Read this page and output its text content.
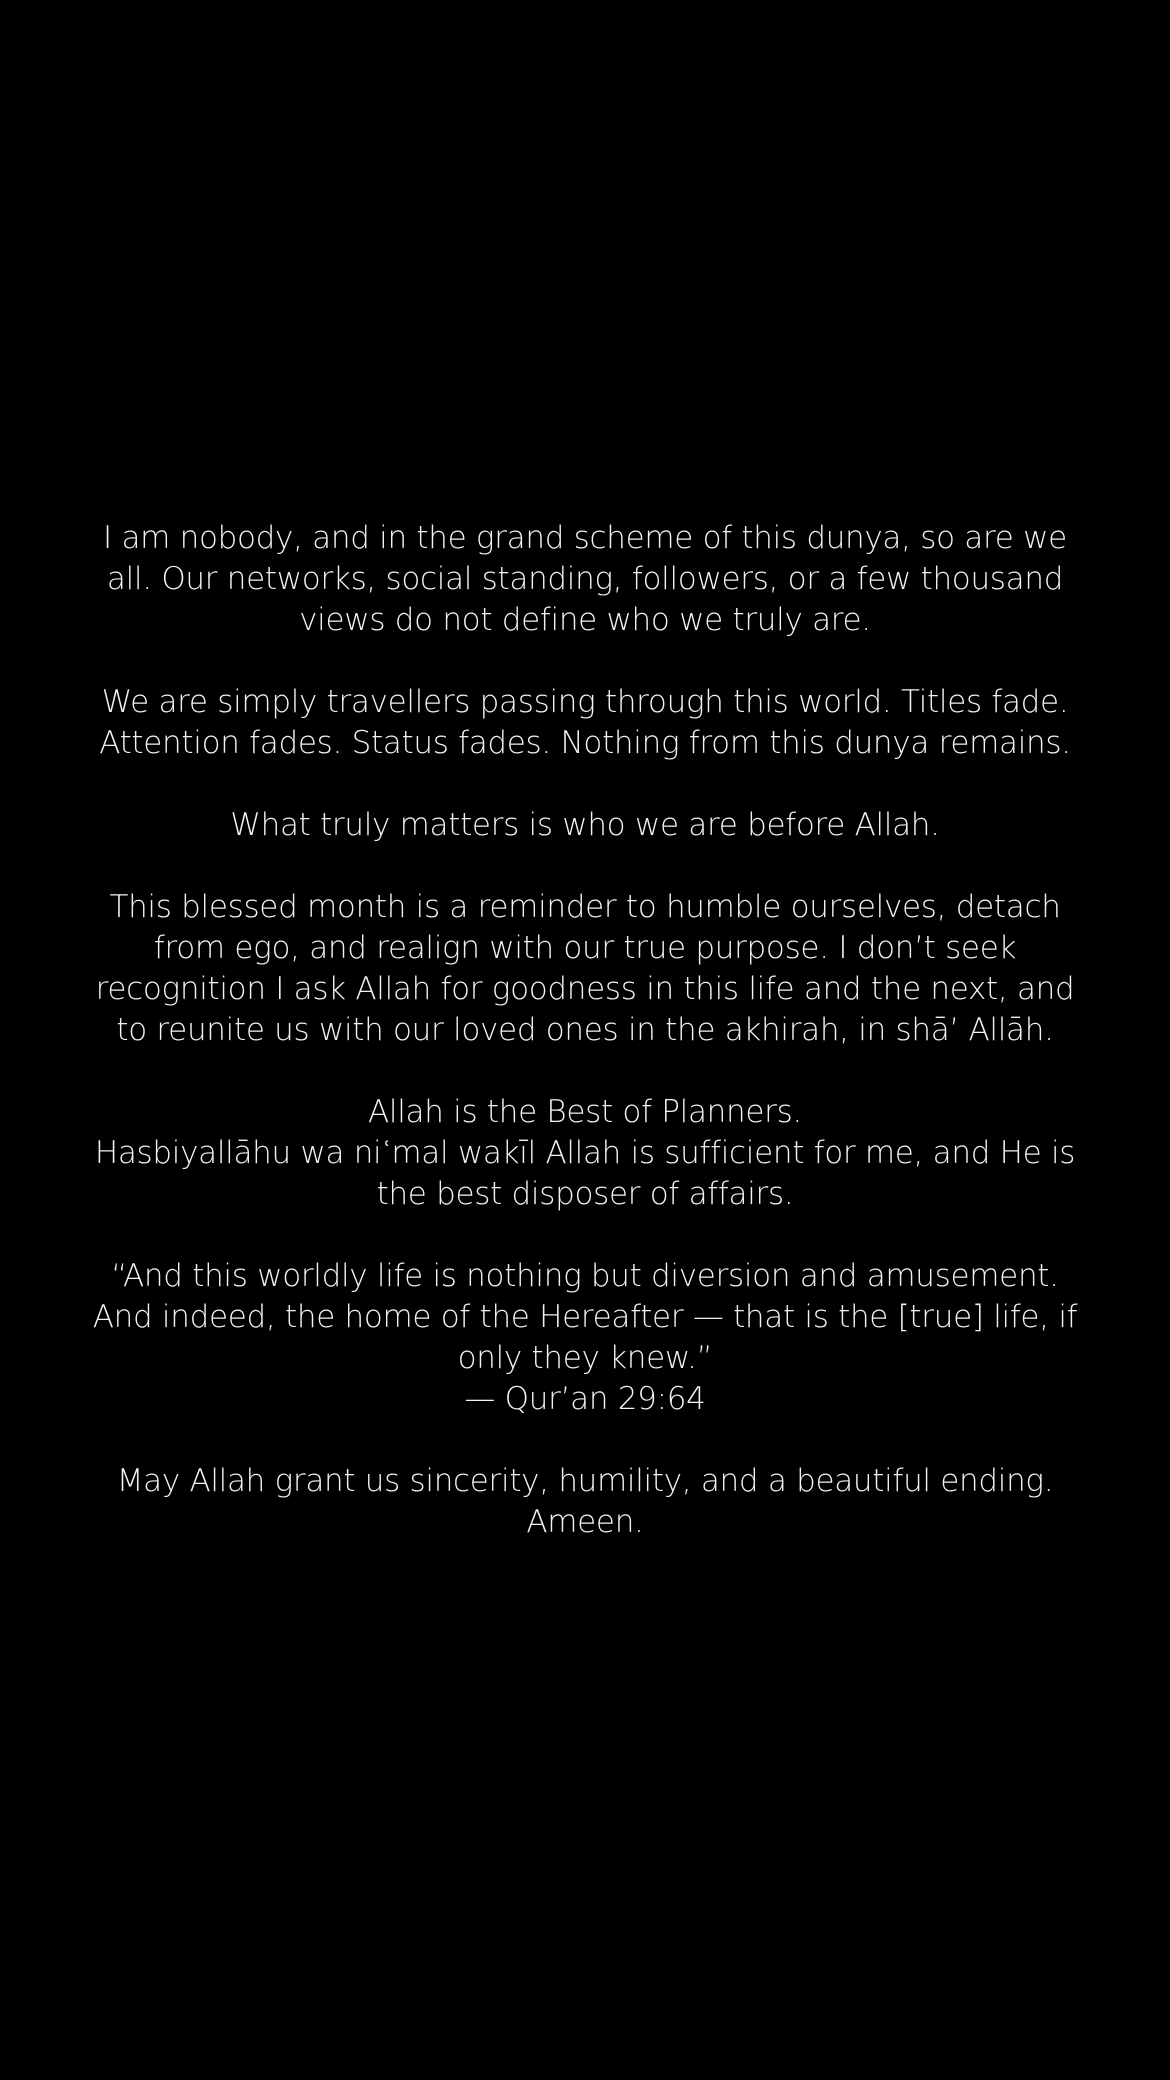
I am nobody, and in the grand scheme of this dunya, so are we
all. Our networks, social standing, followers, or a few thousand
views do not define who we truly are.

We are simply travellers passing through this world. Titles fade.
Attention fades. Status fades. Nothing from this dunya remains.

What truly matters is who we are before Allah.

This blessed month is a reminder to humble ourselves, detach
from ego, and realign with our true purpose. I don’t seek
recognition I ask Allah for goodness in this life and the next, and
to reunite us with our loved ones in the akhirah, in shā’ Allāh.

Allah is the Best of Planners.
Hasbiyallāhu wa niʿmal wakīl Allah is sufficient for me, and He is
the best disposer of affairs.

“And this worldly life is nothing but diversion and amusement.
And indeed, the home of the Hereafter — that is the [true] life, if
only they knew.”
— Qur’an 29:64

May Allah grant us sincerity, humility, and a beautiful ending.
Ameen.
